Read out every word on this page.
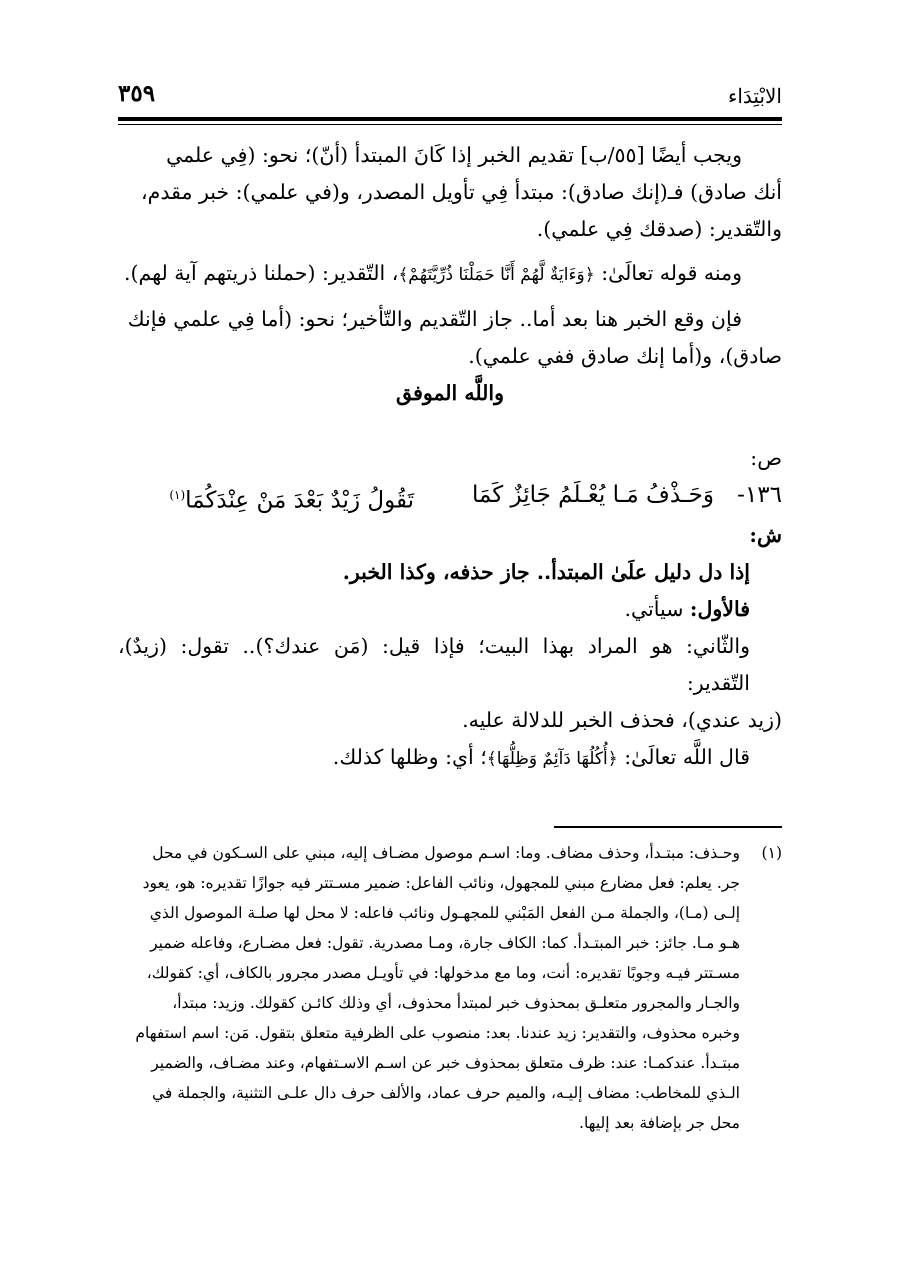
الابْتِدَاء
٣٥٩

ويجب أيضًا [٥٥/ب] تقديم الخبر إذا كَانَ المبتدأ (أنّ)؛ نحو: (فِي علمي

أنك صادق) فـ(إنك صادق): مبتدأ فِي تأويل المصدر، و(في علمي): خبر مقدم،

والتّقدير: (صدقك فِي علمي).

ومنه قوله تعالَىٰ: ﴿وَءَايَةٌ لَّهُمْ أَنَّا حَمَلْنَا ذُرِّيَّتَهُمْ﴾، التّقدير: (حملنا ذريتهم آية لهم).

فإن وقع الخبر هنا بعد أما.. جاز التّقديم والتّأخير؛ نحو: (أما فِي علمي فإنك

صادق)، و(أما إنك صادق ففي علمي).

واللَّه الموفق

ص:

١٣٦-
وَحَـذْفُ مَـا يُعْـلَمُ جَائِزٌ كَمَا
تَقُولُ زَيْدٌ بَعْدَ مَنْ عِنْدَكُمَا$^{(١)}$

ش:

إذا دل دليل علَىٰ المبتدأ.. جاز حذفه، وكذا الخبر.

فالأول: سيأتي.

والثّاني: هو المراد بهذا البيت؛ فإذا قيل: (مَن عندك؟).. تقول: (زيدٌ)، التّقدير:

(زيد عندي)، فحذف الخبر للدلالة عليه.

قال اللَّه تعالَىٰ: ﴿أُكُلُهَا دَآئِمٌ وَظِلُّهَا﴾؛ أي: وظلها كذلك.

(١)وحـذف: مبتـدأ، وحذف مضاف. وما: اسـم موصول مضـاف إليه، مبني على السـكون في محل

جر. يعلم: فعل مضارع مبني للمجهول، ونائب الفاعل: ضمير مسـتتر فيه جوازًا تقديره: هو، يعود

إلـى (مـا)، والجملة مـن الفعل المَبْني للمجهـول ونائب فاعله: لا محل لها صلـة الموصول الذي

هـو مـا. جائز: خبر المبتـدأ. كما: الكاف جارة، ومـا مصدرية. تقول: فعل مضـارع، وفاعله ضمير

مسـتتر فيـه وجوبًا تقديره: أنت، وما مع مدخولها: في تأويـل مصدر مجرور بالكاف، أي: كقولك،

والجـار والمجرور متعلـق بمحذوف خبر لمبتدأ محذوف، أي وذلك كائـن كقولك. وزيد: مبتدأ،

وخبره محذوف، والتقدير: زيد عندنا. بعد: منصوب على الظرفية متعلق بتقول. مَن: اسم استفهام

مبتـدأ. عندكمـا: عند: ظرف متعلق بمحذوف خبر عن اسـم الاسـتفهام، وعند مضـاف، والضمير

الـذي للمخاطب: مضاف إليـه، والميم حرف عماد، والألف حرف دال علـى التثنية، والجملة في

محل جر بإضافة بعد إليها.
